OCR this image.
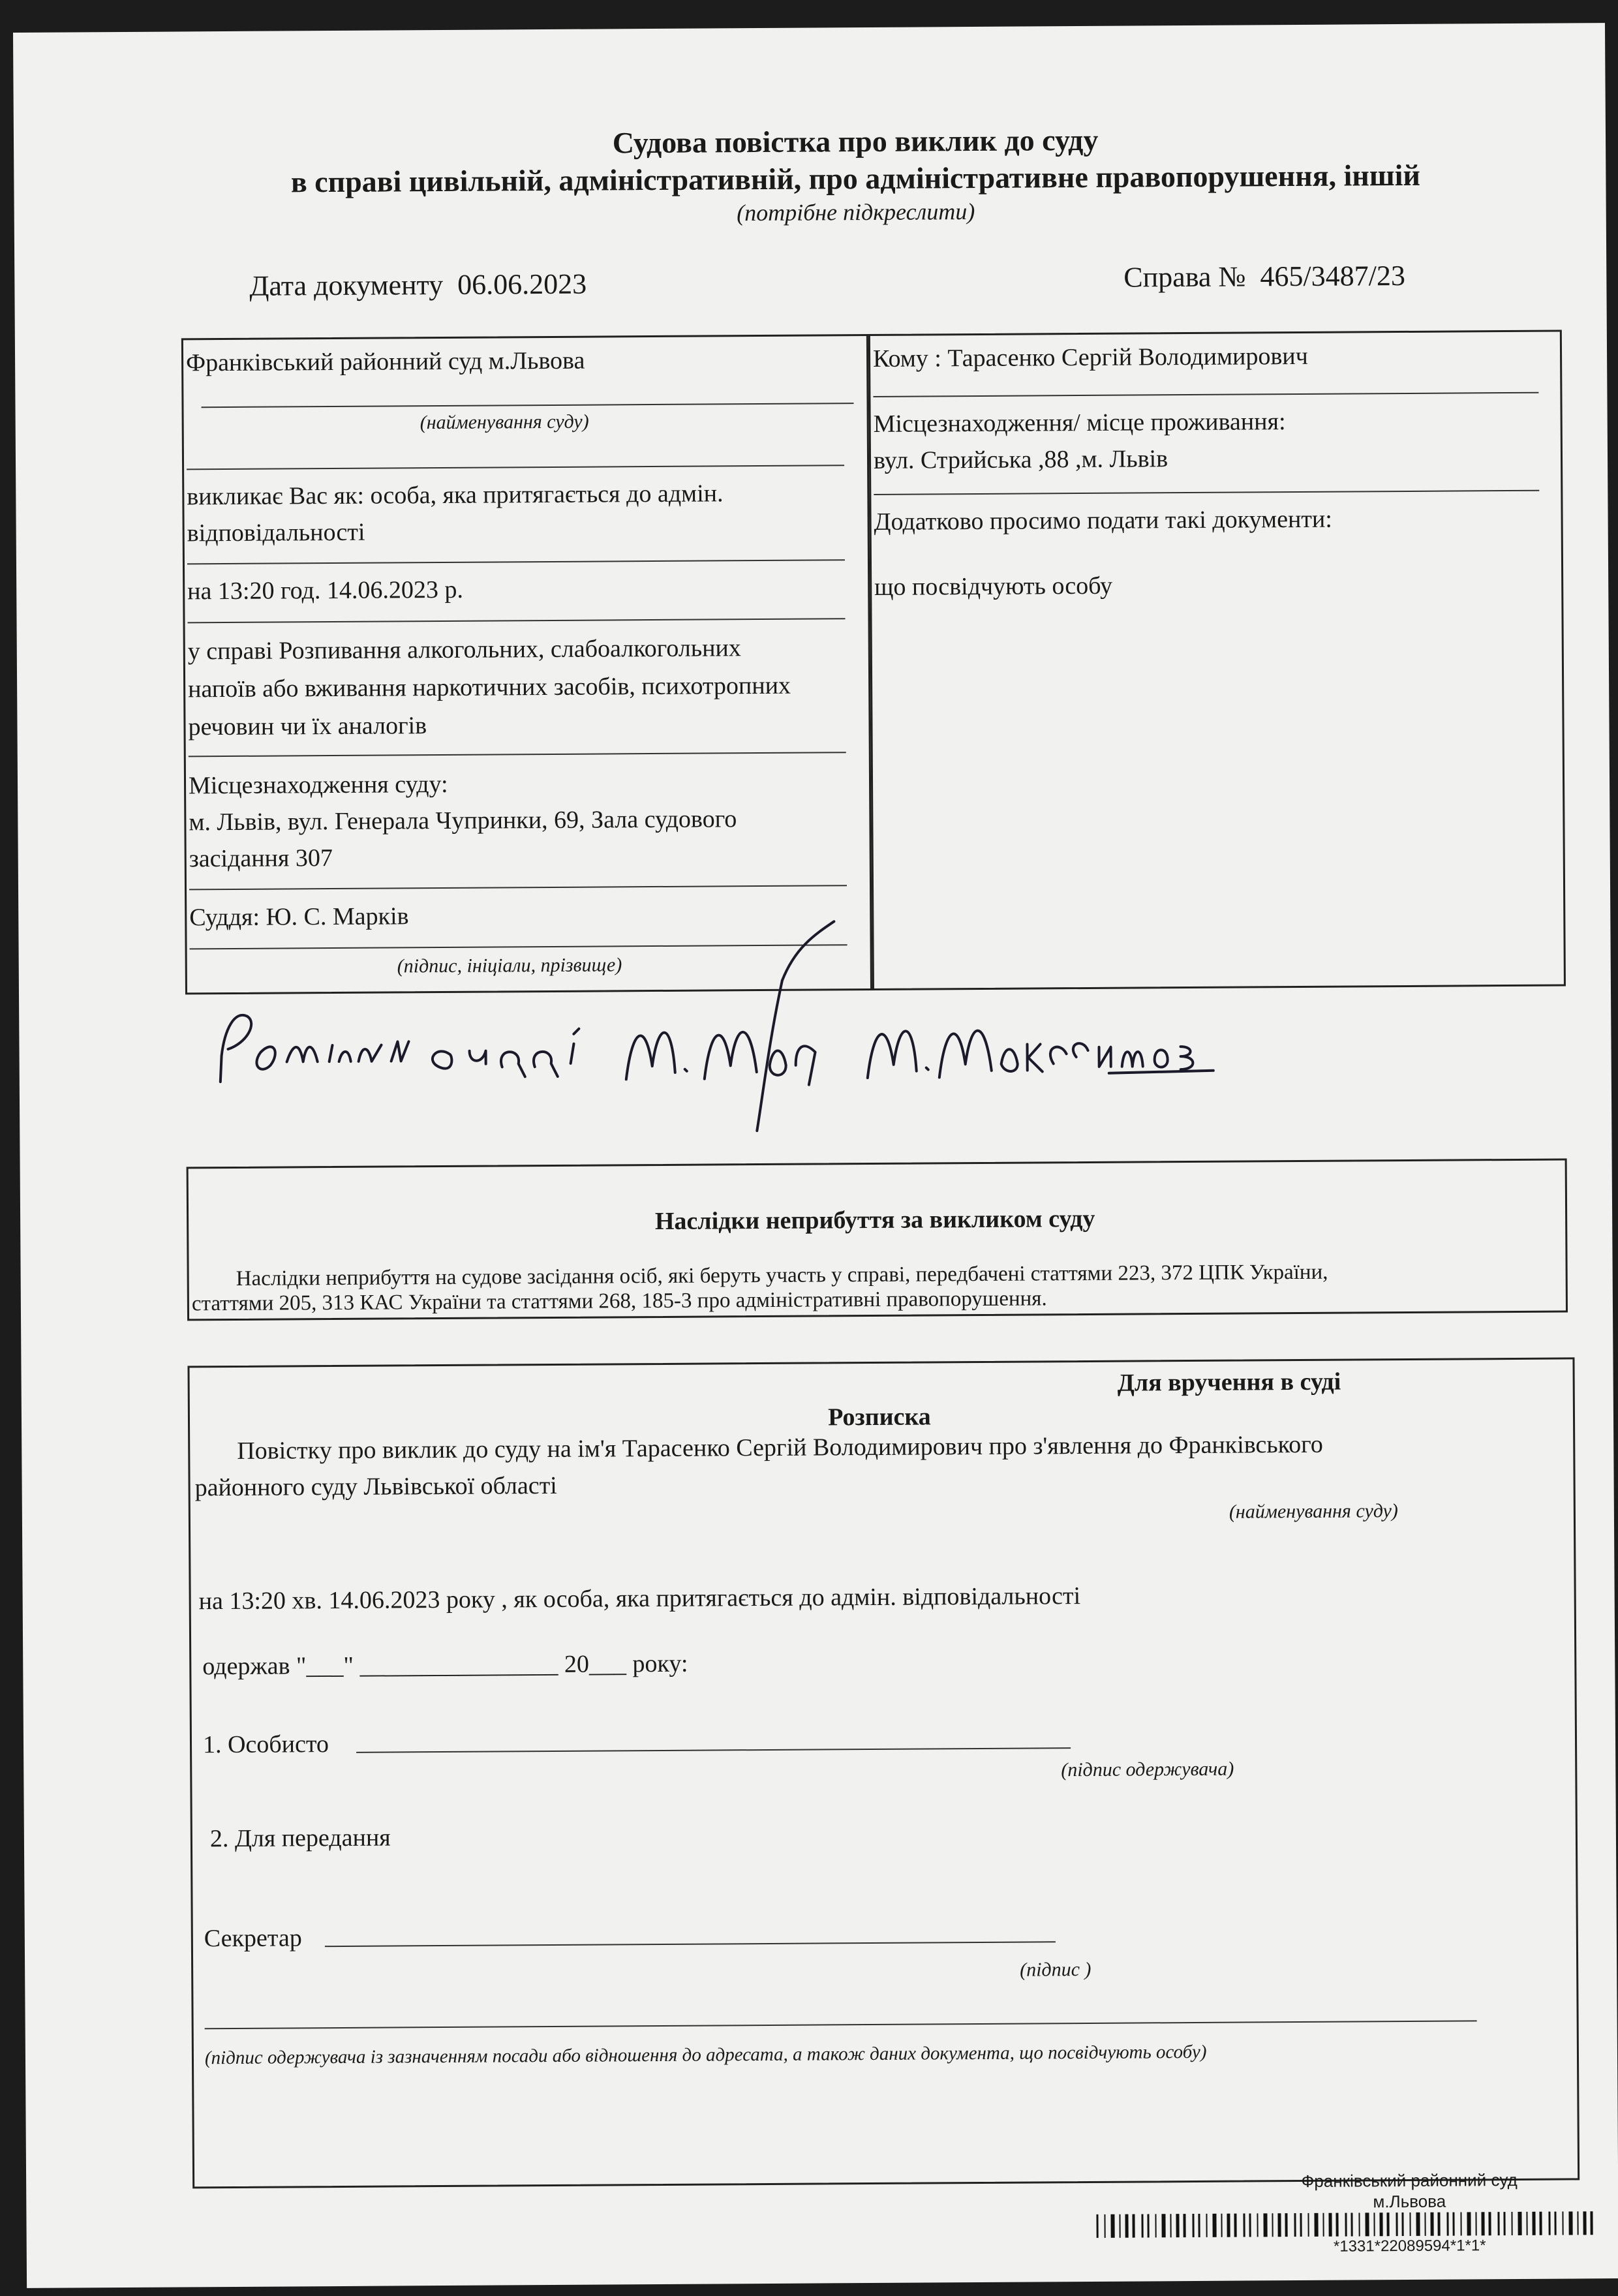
Судова повістка про виклик до суду
в справі цивільній, адміністративній, про адміністративне правопорушення, іншій
(потрібне підкреслити)
Дата документу 06.06.2023	Справа № 465/3487/23
Франківський районний суд м.Львова
(найменування суду)
викликає Вас як: особа, яка притягається до адмін.
відповідальності
на 13:20 год. 14.06.2023 р.
у справі Розпивання алкогольних, слабоалкогольних
напоїв або вживання наркотичних засобів, психотропних
речовин чи їх аналогів
Місцезнаходження суду:
м. Львів, вул. Генерала Чупринки, 69, Зала судового
засідання 307
Суддя: Ю. С. Марків
(підпис, ініціали, прізвище)
Кому : Тарасенко Сергій Володимирович
Місцезнаходження/ місце проживання:
вул. Стрийська ,88 ,м. Львів
Додатково просимо подати такі документи:
що посвідчують особу
Наслідки неприбуття за викликом суду
Наслідки неприбуття на судове засідання осіб, які беруть участь у справі, передбачені статтями 223, 372 ЦПК України,
статтями 205, 313 КАС України та статтями 268, 185-3 про адміністративні правопорушення.
Для вручення в суді
Розписка
Повістку про виклик до суду на ім'я Тарасенко Сергій Володимирович про з'явлення до Франківського
районного суду Львівської області
(найменування суду)
на 13:20 хв. 14.06.2023 року , як особа, яка притягається до адмін. відповідальності
одержав "___" ________________ 20___ року:
1. Особисто
(підпис одержувача)
2. Для передання
Секретар
(підпис )
(підпис одержувача із зазначенням посади або відношення до адресата, а також даних документа, що посвідчують особу)
Франківський районний суд
м.Львова
*1331*22089594*1*1*
